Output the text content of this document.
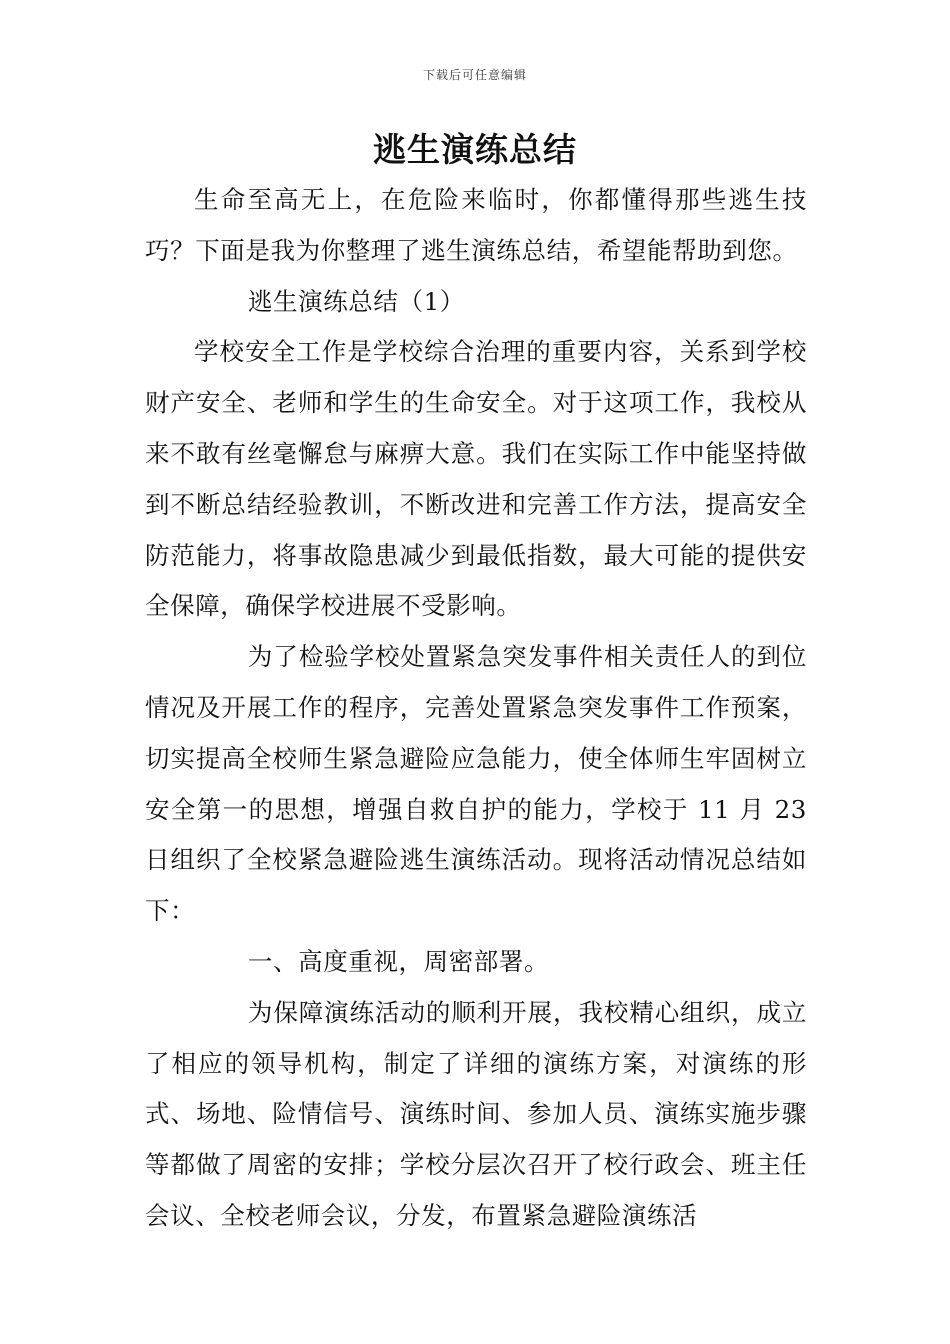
下载后可任意编辑
逃生演练总结

生命至高无上，在危险来临时，你都懂得那些逃生技巧？下面是我为你整理了逃生演练总结，希望能帮助到您。

逃生演练总结（1）

学校安全工作是学校综合治理的重要内容，关系到学校财产安全、老师和学生的生命安全。对于这项工作，我校从来不敢有丝毫懈怠与麻痹大意。我们在实际工作中能坚持做到不断总结经验教训，不断改进和完善工作方法，提高安全防范能力，将事故隐患减少到最低指数，最大可能的提供安全保障，确保学校进展不受影响。

为了检验学校处置紧急突发事件相关责任人的到位情况及开展工作的程序，完善处置紧急突发事件工作预案，切实提高全校师生紧急避险应急能力，使全体师生牢固树立安全第一的思想，增强自救自护的能力，学校于 11 月 23 日组织了全校紧急避险逃生演练活动。现将活动情况总结如下：

一、高度重视，周密部署。

为保障演练活动的顺利开展，我校精心组织，成立了相应的领导机构，制定了详细的演练方案，对演练的形式、场地、险情信号、演练时间、参加人员、演练实施步骤等都做了周密的安排；学校分层次召开了校行政会、班主任会议、全校老师会议，分发，布置紧急避险演练活
